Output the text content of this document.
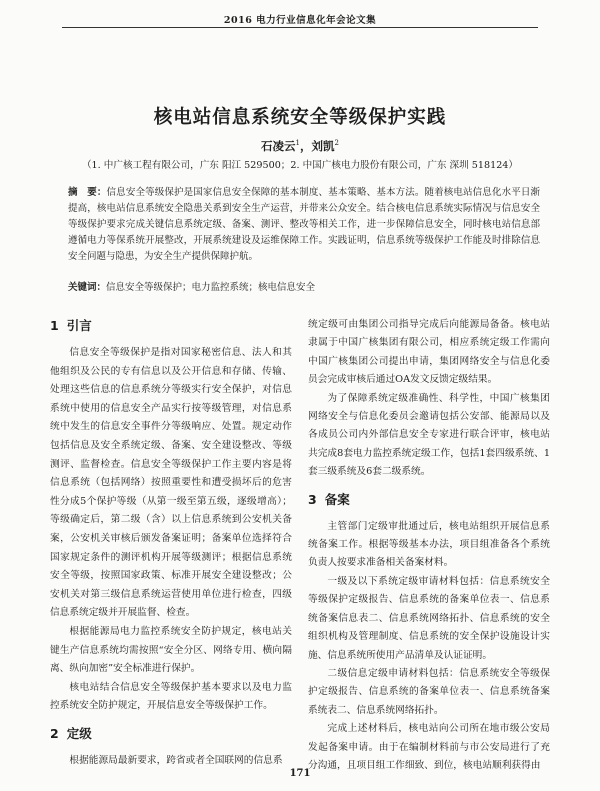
2016 电力行业信息化年会论文集
核电站信息系统安全等级保护实践
石凌云$^1$，刘凯$^2$
（1. 中广核工程有限公司，广东 阳江 529500；2. 中国广核电力股份有限公司，广东 深圳 518124）
摘　要：信息安全等级保护是国家信息安全保障的基本制度、基本策略、基本方法。随着核电站信息化水平日渐提高，核电站信息系统安全隐患关系到安全生产运营，并带来公众安全。结合核电信息系统实际情况与信息安全等级保护要求完成关键信息系统定级、备案、测评、整改等相关工作，进一步保障信息安全，同时核电站信息部遵循电力等保系统开展整改，开展系统建设及运维保障工作。实践证明，信息系统等级保护工作能及时排除信息安全问题与隐患，为安全生产提供保障护航。
关键词：信息安全等级保护；电力监控系统；核电信息安全
1 引言

信息安全等级保护是指对国家秘密信息、法人和其他组织及公民的专有信息以及公开信息和存储、传输、处理这些信息的信息系统分等级实行安全保护，对信息系统中使用的信息安全产品实行按等级管理，对信息系统中发生的信息安全事件分等级响应、处置。规定动作包括信息及安全系统定级、备案、安全建设整改、等级测评、监督检查。信息安全等级保护工作主要内容是将信息系统（包括网络）按照重要性和遭受损坏后的危害性分成5个保护等级（从第一级至第五级，逐级增高）；等级确定后，第二级（含）以上信息系统到公安机关备案，公安机关审核后颁发备案证明；备案单位选择符合国家规定条件的测评机构开展等级测评；根据信息系统安全等级，按照国家政策、标准开展安全建设整改；公安机关对第三级信息系统运营使用单位进行检查，四级信息系统定级并开展监督、检查。

根据能源局电力监控系统安全防护规定，核电站关键生产信息系统均需按照“安全分区、网络专用、横向隔离、纵向加密”安全标准进行保护。

核电站结合信息安全等级保护基本要求以及电力监控系统安全防护规定，开展信息安全等级保护工作。

2 定级

根据能源局最新要求，跨省或者全国联网的信息系

统定级可由集团公司指导完成后向能源局备备。核电站隶属于中国广核集团有限公司，相应系统定级工作需向中国广核集团公司提出申请，集团网络安全与信息化委员会完成审核后通过OA发文反馈定级结果。

为了保障系统定级准确性、科学性，中国广核集团网络安全与信息化委员会邀请包括公安部、能源局以及各成员公司内外部信息安全专家进行联合评审，核电站共完成8套电力监控系统定级工作，包括1套四级系统、1套三级系统及6套二级系统。

3 备案

主管部门定级审批通过后，核电站组织开展信息系统备案工作。根据等级基本办法，项目组准备各个系统负责人按要求准备相关备案材料。

一级及以下系统定级审请材料包括：信息系统安全等级保护定级报告、信息系统的备案单位表一、信息系统备案信息表二、信息系统网络拓扑、信息系统的安全组织机构及管理制度、信息系统的安全保护设施设计实施、信息系统所使用产品清单及认证证明。

二级信息定级申请材料包括：信息系统安全等级保护定级报告、信息系统的备案单位表一、信息系统备案系统表二、信息系统网络拓扑。

完成上述材料后，核电站向公司所在地市级公安局发起备案申请。由于在编制材料前与市公安局进行了充分沟通，且项目组工作细致、到位，核电站顺利获得由

171
